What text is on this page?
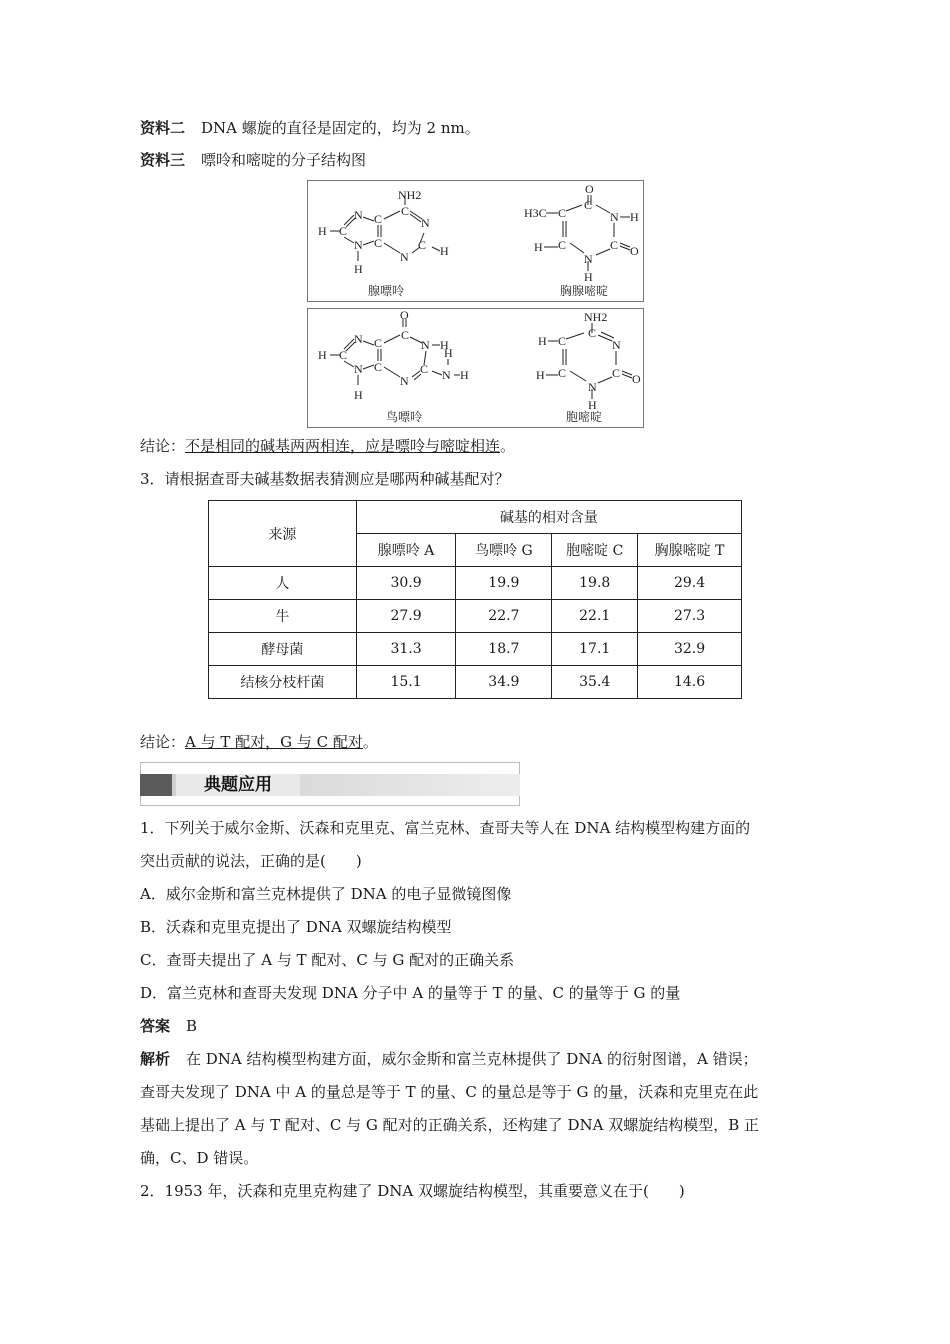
资料二 DNA 螺旋的直径是固定的，均为 2 nm。
资料三 嘌呤和嘧啶的分子结构图
NH2
H C
N
N
C
C
C
N
C
N	H
H
腺嘌呤
O
H3C C
C
N H
C O
C
H
N
H
胸腺嘧啶
O
H C
N
N
C
C
C
N H
C
N	N
H
H
H
鸟嘌呤
NH2
H C
C
N
C O
C
H
N
H
胞嘧啶
结论：不是相同的碱基两两相连，应是嘌呤与嘧啶相连。
3．请根据查哥夫碱基数据表猜测应是哪两种碱基配对？
来源	碱基的相对含量			
	腺嘌呤 A	鸟嘌呤 G	胞嘧啶 C	胸腺嘧啶 T
人	30.9	19.9	19.8	29.4
牛	27.9	22.7	22.1	27.3
酵母菌	31.3	18.7	17.1	32.9
结核分枝杆菌	15.1	34.9	35.4	14.6
结论：A 与 T 配对，G 与 C 配对。
典题应用
1．下列关于威尔金斯、沃森和克里克、富兰克林、查哥夫等人在 DNA 结构模型构建方面的
突出贡献的说法，正确的是(　　)
A．威尔金斯和富兰克林提供了 DNA 的电子显微镜图像
B．沃森和克里克提出了 DNA 双螺旋结构模型
C．查哥夫提出了 A 与 T 配对、C 与 G 配对的正确关系
D．富兰克林和查哥夫发现 DNA 分子中 A 的量等于 T 的量、C 的量等于 G 的量
答案 B
解析 在 DNA 结构模型构建方面，威尔金斯和富兰克林提供了 DNA 的衍射图谱，A 错误；
查哥夫发现了 DNA 中 A 的量总是等于 T 的量、C 的量总是等于 G 的量，沃森和克里克在此
基础上提出了 A 与 T 配对、C 与 G 配对的正确关系，还构建了 DNA 双螺旋结构模型，B 正
确，C、D 错误。
2．1953 年，沃森和克里克构建了 DNA 双螺旋结构模型，其重要意义在于(　　)
